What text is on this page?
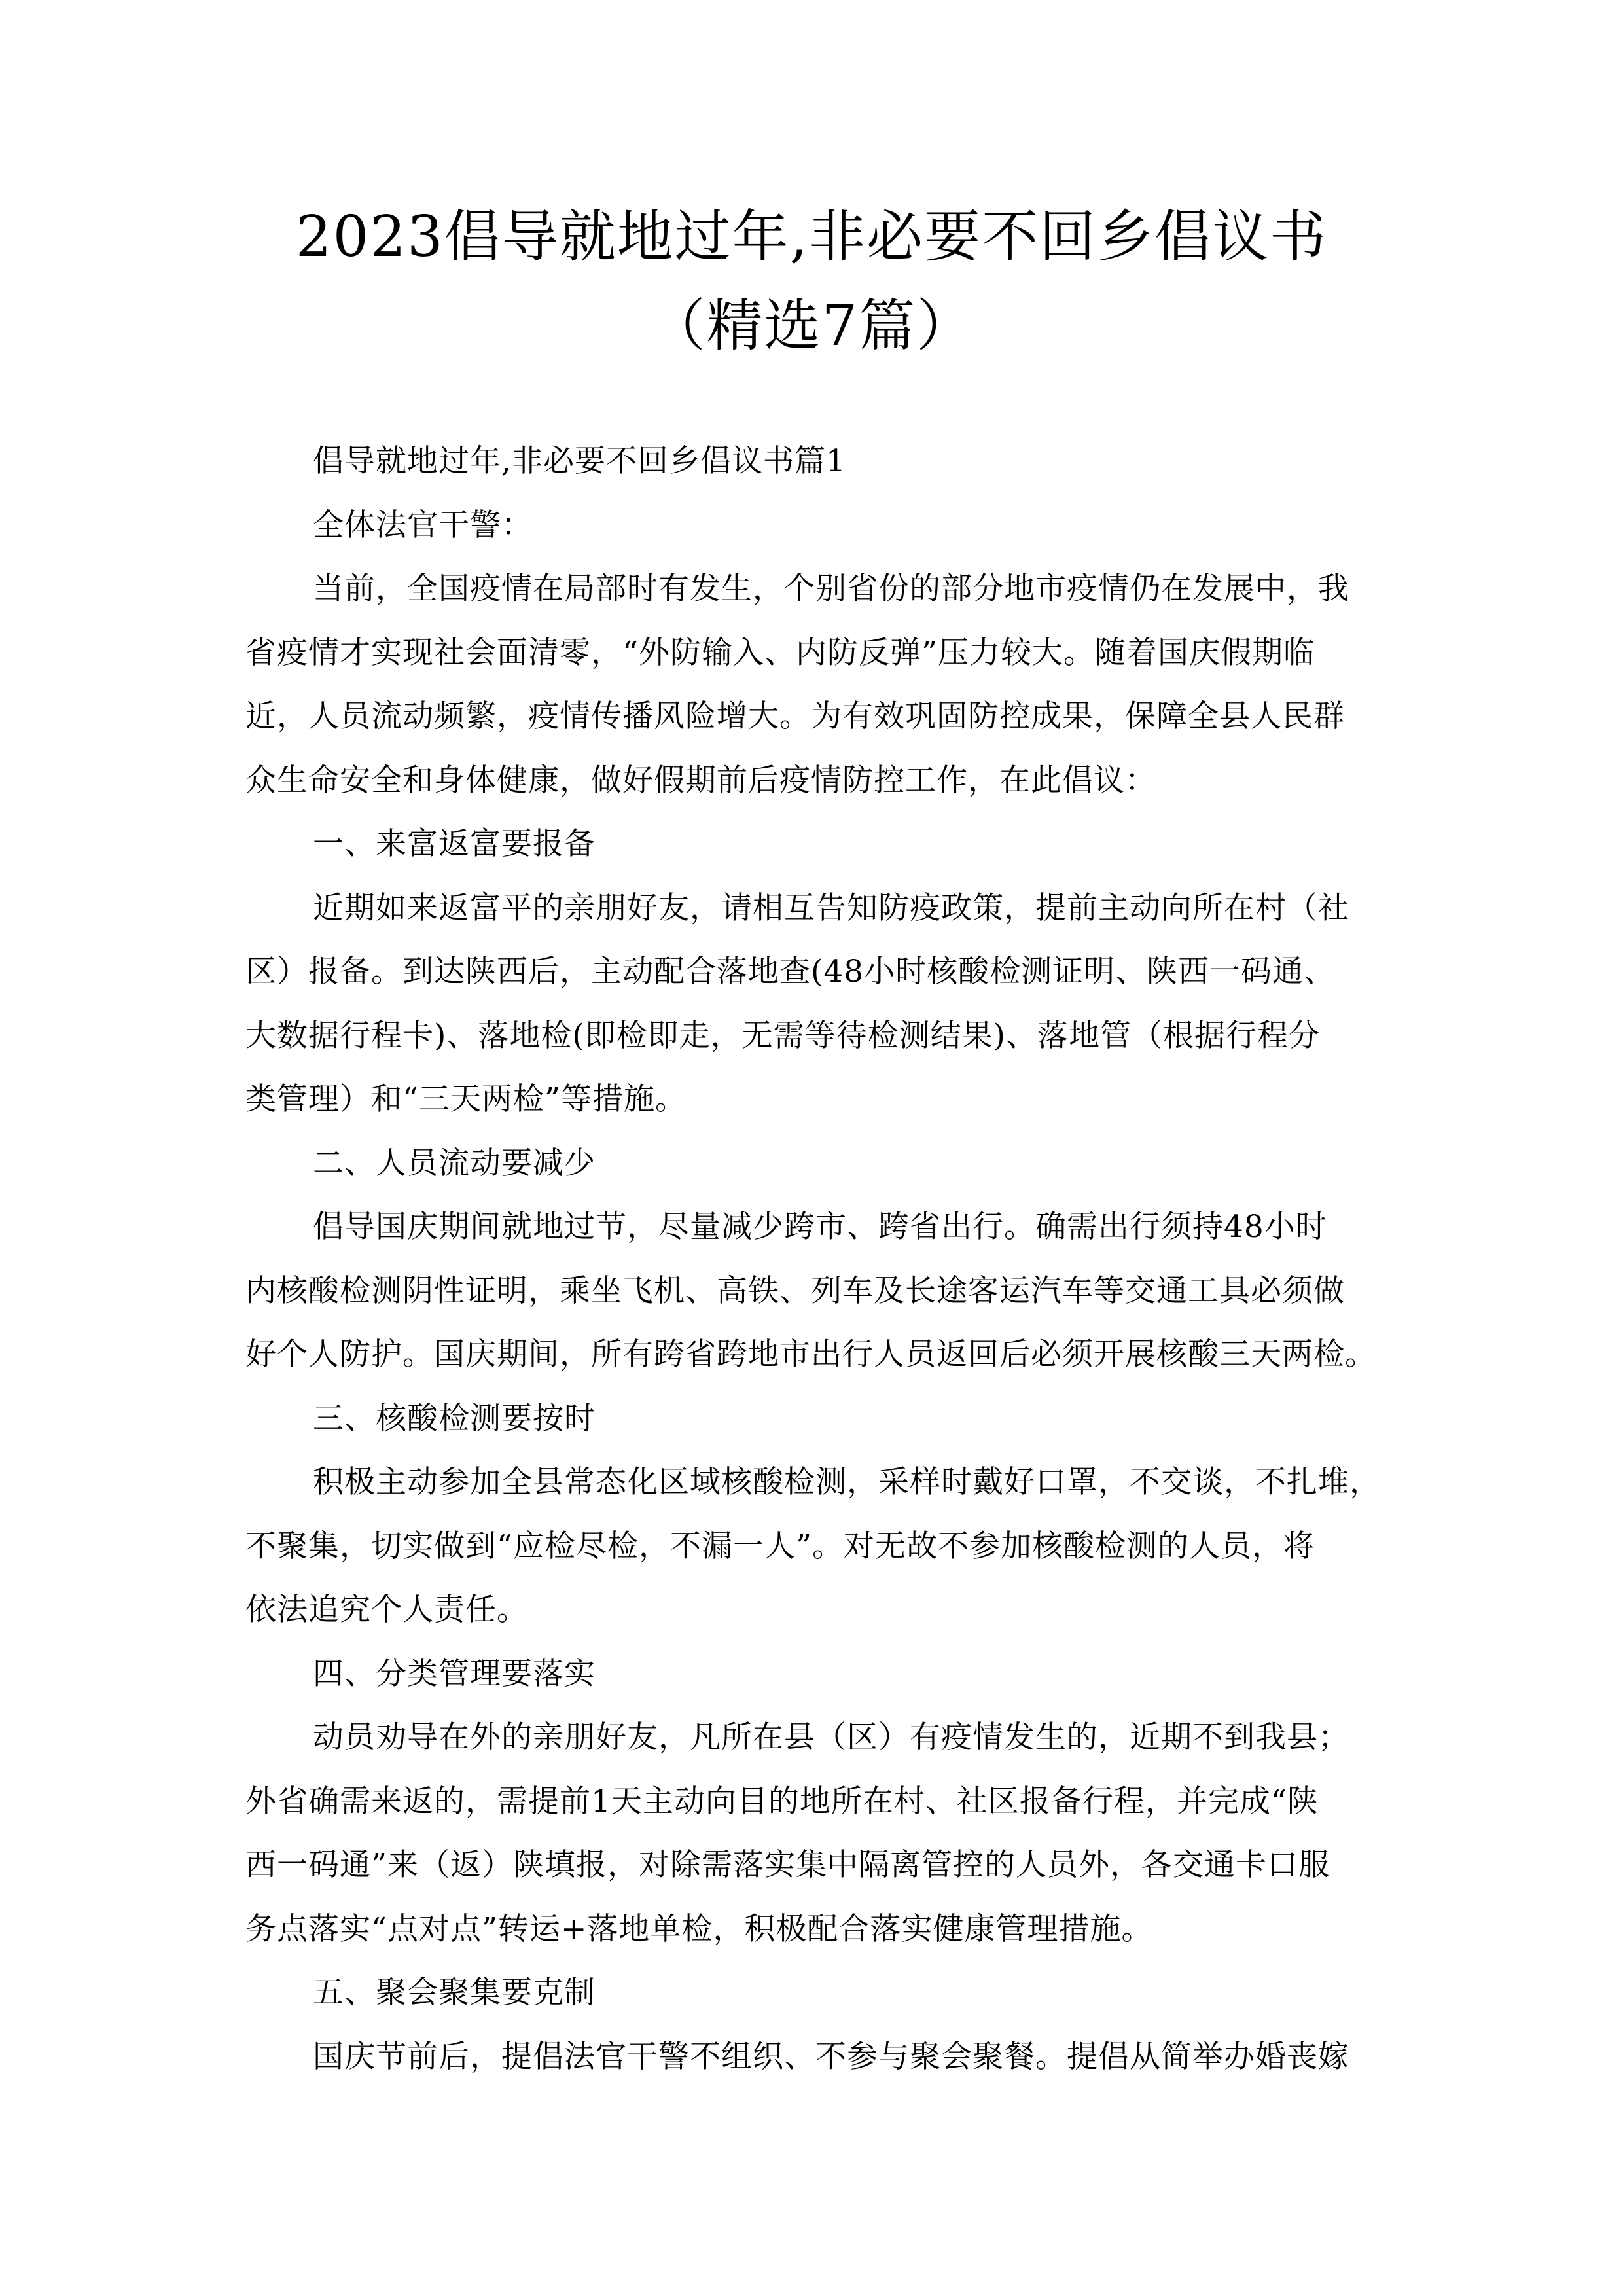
2023倡导就地过年,非必要不回乡倡议书
（精选7篇）
倡导就地过年,非必要不回乡倡议书篇1
全体法官干警：
当前，全国疫情在局部时有发生，个别省份的部分地市疫情仍在发展中，我
省疫情才实现社会面清零，“外防输入、内防反弹”压力较大。随着国庆假期临
近，人员流动频繁，疫情传播风险增大。为有效巩固防控成果，保障全县人民群
众生命安全和身体健康，做好假期前后疫情防控工作，在此倡议：
一、来富返富要报备
近期如来返富平的亲朋好友，请相互告知防疫政策，提前主动向所在村（社
区）报备。到达陕西后，主动配合落地查(48小时核酸检测证明、陕西一码通、
大数据行程卡)、落地检(即检即走，无需等待检测结果)、落地管（根据行程分
类管理）和“三天两检”等措施。
二、人员流动要减少
倡导国庆期间就地过节，尽量减少跨市、跨省出行。确需出行须持48小时
内核酸检测阴性证明，乘坐飞机、高铁、列车及长途客运汽车等交通工具必须做
好个人防护。国庆期间，所有跨省跨地市出行人员返回后必须开展核酸三天两检。
三、核酸检测要按时
积极主动参加全县常态化区域核酸检测，采样时戴好口罩，不交谈，不扎堆，
不聚集，切实做到“应检尽检，不漏一人”。对无故不参加核酸检测的人员，将
依法追究个人责任。
四、分类管理要落实
动员劝导在外的亲朋好友，凡所在县（区）有疫情发生的，近期不到我县；
外省确需来返的，需提前1天主动向目的地所在村、社区报备行程，并完成“陕
西一码通”来（返）陕填报，对除需落实集中隔离管控的人员外，各交通卡口服
务点落实“点对点”转运+落地单检，积极配合落实健康管理措施。
五、聚会聚集要克制
国庆节前后，提倡法官干警不组织、不参与聚会聚餐。提倡从简举办婚丧嫁
